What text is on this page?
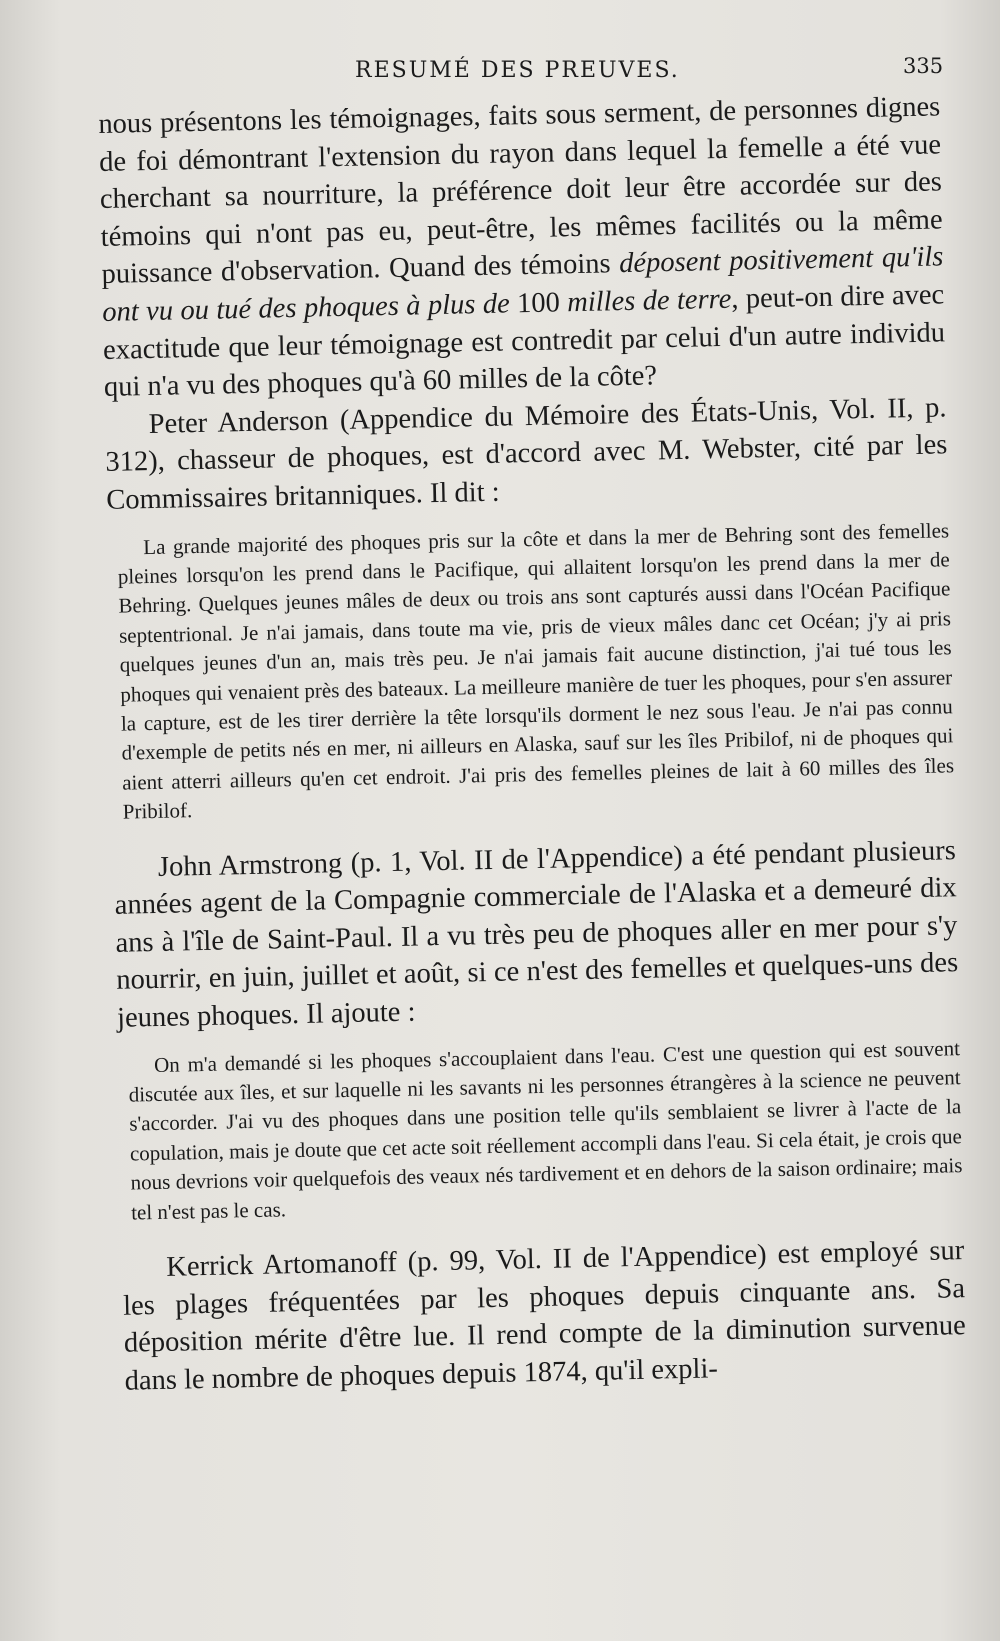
RESUMÉ DES PREUVES.	335

nous présentons les témoignages, faits sous serment, de personnes dignes de foi démontrant l'extension du rayon dans lequel la femelle a été vue cherchant sa nourriture, la préférence doit leur être accordée sur des témoins qui n'ont pas eu, peut-être, les mêmes facilités ou la même puissance d'observation. Quand des témoins déposent positivement qu'ils ont vu ou tué des phoques à plus de 100 milles de terre, peut-on dire avec exactitude que leur témoignage est contredit par celui d'un autre individu qui n'a vu des phoques qu'à 60 milles de la côte?

Peter Anderson (Appendice du Mémoire des États-Unis, Vol. II, p. 312), chasseur de phoques, est d'accord avec M. Webster, cité par les Commissaires britanniques. Il dit :

La grande majorité des phoques pris sur la côte et dans la mer de Behring sont des femelles pleines lorsqu'on les prend dans le Pacifique, qui allaitent lorsqu'on les prend dans la mer de Behring. Quelques jeunes mâles de deux ou trois ans sont capturés aussi dans l'Océan Pacifique septentrional. Je n'ai jamais, dans toute ma vie, pris de vieux mâles danc cet Océan; j'y ai pris quelques jeunes d'un an, mais très peu. Je n'ai jamais fait aucune distinction, j'ai tué tous les phoques qui venaient près des bateaux. La meilleure manière de tuer les phoques, pour s'en assurer la capture, est de les tirer derrière la tête lorsqu'ils dorment le nez sous l'eau. Je n'ai pas connu d'exemple de petits nés en mer, ni ailleurs en Alaska, sauf sur les îles Pribilof, ni de phoques qui aient atterri ailleurs qu'en cet endroit. J'ai pris des femelles pleines de lait à 60 milles des îles Pribilof.

John Armstrong (p. 1, Vol. II de l'Appendice) a été pendant plusieurs années agent de la Compagnie commerciale de l'Alaska et a demeuré dix ans à l'île de Saint-Paul. Il a vu très peu de phoques aller en mer pour s'y nourrir, en juin, juillet et août, si ce n'est des femelles et quelques-uns des jeunes phoques. Il ajoute :

On m'a demandé si les phoques s'accouplaient dans l'eau. C'est une question qui est souvent discutée aux îles, et sur laquelle ni les savants ni les personnes étrangères à la science ne peuvent s'accorder. J'ai vu des phoques dans une position telle qu'ils semblaient se livrer à l'acte de la copulation, mais je doute que cet acte soit réellement accompli dans l'eau. Si cela était, je crois que nous devrions voir quelquefois des veaux nés tardivement et en dehors de la saison ordinaire; mais tel n'est pas le cas.

Kerrick Artomanoff (p. 99, Vol. II de l'Appendice) est employé sur les plages fréquentées par les phoques depuis cinquante ans. Sa déposition mérite d'être lue. Il rend compte de la diminution survenue dans le nombre de phoques depuis 1874, qu'il expli-
